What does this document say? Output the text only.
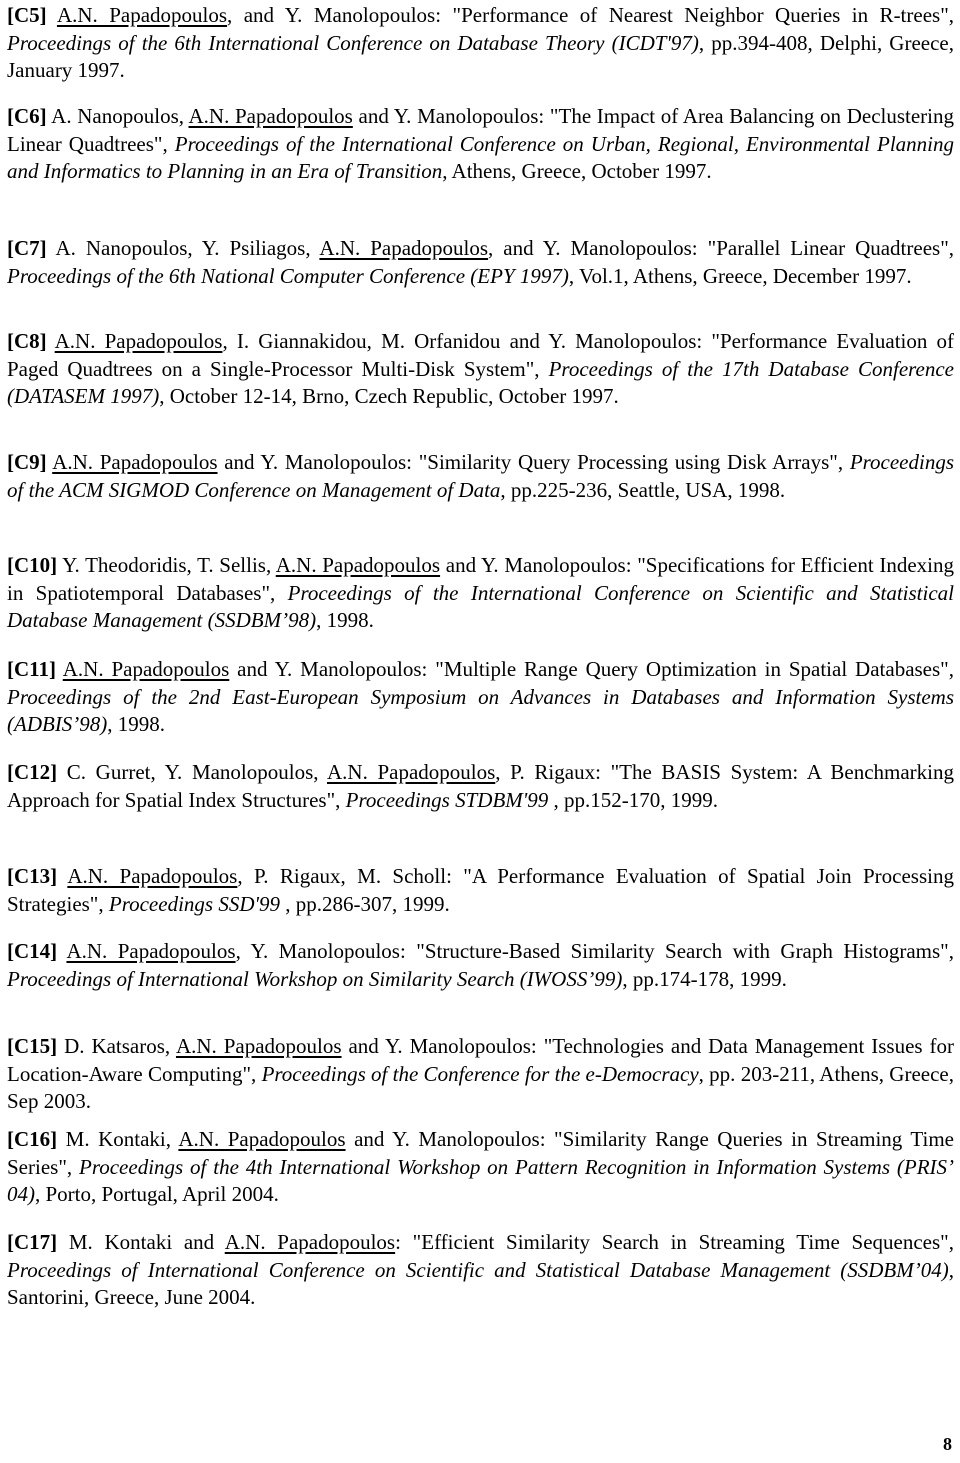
[C5] A.N. Papadopoulos, and Y. Manolopoulos: "Performance of Nearest Neighbor Queries in R-trees", Proceedings of the 6th International Conference on Database Theory (ICDT'97), pp.394-408, Delphi, Greece, January 1997.

[C6] A. Nanopoulos, A.N. Papadopoulos and Y. Manolopoulos: "The Impact of Area Balancing on Declustering Linear Quadtrees", Proceedings of the International Conference on Urban, Regional, Environmental Planning and Informatics to Planning in an Era of Transition, Athens, Greece, October 1997.

[C7] A. Nanopoulos, Y. Psiliagos, A.N. Papadopoulos, and Y. Manolopoulos: "Parallel Linear Quadtrees", Proceedings of the 6th National Computer Conference (EPY 1997), Vol.1, Athens, Greece, December 1997.

[C8] A.N. Papadopoulos, I. Giannakidou, M. Orfanidou and Y. Manolopoulos: "Performance Evaluation of Paged Quadtrees on a Single-Processor Multi-Disk System", Proceedings of the 17th Database Conference (DATASEM 1997), October 12-14, Brno, Czech Republic, October 1997.

[C9] A.N. Papadopoulos and Y. Manolopoulos: "Similarity Query Processing using Disk Arrays", Proceedings of the ACM SIGMOD Conference on Management of Data, pp.225-236, Seattle, USA, 1998.

[C10] Y. Theodoridis, T. Sellis, A.N. Papadopoulos and Y. Manolopoulos: "Specifications for Efficient Indexing in Spatiotemporal Databases", Proceedings of the International Conference on Scientific and Statistical Database Management (SSDBM’98), 1998.

[C11] A.N. Papadopoulos and Y. Manolopoulos: "Multiple Range Query Optimization in Spatial Databases", Proceedings of the 2nd East-European Symposium on Advances in Databases and Information Systems (ADBIS’98), 1998.

[C12] C. Gurret, Y. Manolopoulos, A.N. Papadopoulos, P. Rigaux: "The BASIS System: A Benchmarking Approach for Spatial Index Structures", Proceedings STDBM'99 , pp.152-170, 1999.

[C13] A.N. Papadopoulos, P. Rigaux, M. Scholl: "A Performance Evaluation of Spatial Join Processing Strategies", Proceedings SSD'99 , pp.286-307, 1999.

[C14] A.N. Papadopoulos, Y. Manolopoulos: "Structure-Based Similarity Search with Graph Histograms", Proceedings of International Workshop on Similarity Search (IWOSS’99), pp.174-178, 1999.

[C15] D. Katsaros, A.N. Papadopoulos and Y. Manolopoulos: "Technologies and Data Management Issues for Location-Aware Computing", Proceedings of the Conference for the e-Democracy, pp. 203-211, Athens, Greece, Sep 2003.

[C16] M. Kontaki, A.N. Papadopoulos and Y. Manolopoulos: "Similarity Range Queries in Streaming Time Series", Proceedings of the 4th International Workshop on Pattern Recognition in Information Systems (PRIS’ 04), Porto, Portugal, April 2004.

[C17] M. Kontaki and A.N. Papadopoulos: "Efficient Similarity Search in Streaming Time Sequences", Proceedings of International Conference on Scientific and Statistical Database Management (SSDBM’04), Santorini, Greece, June 2004.

8
